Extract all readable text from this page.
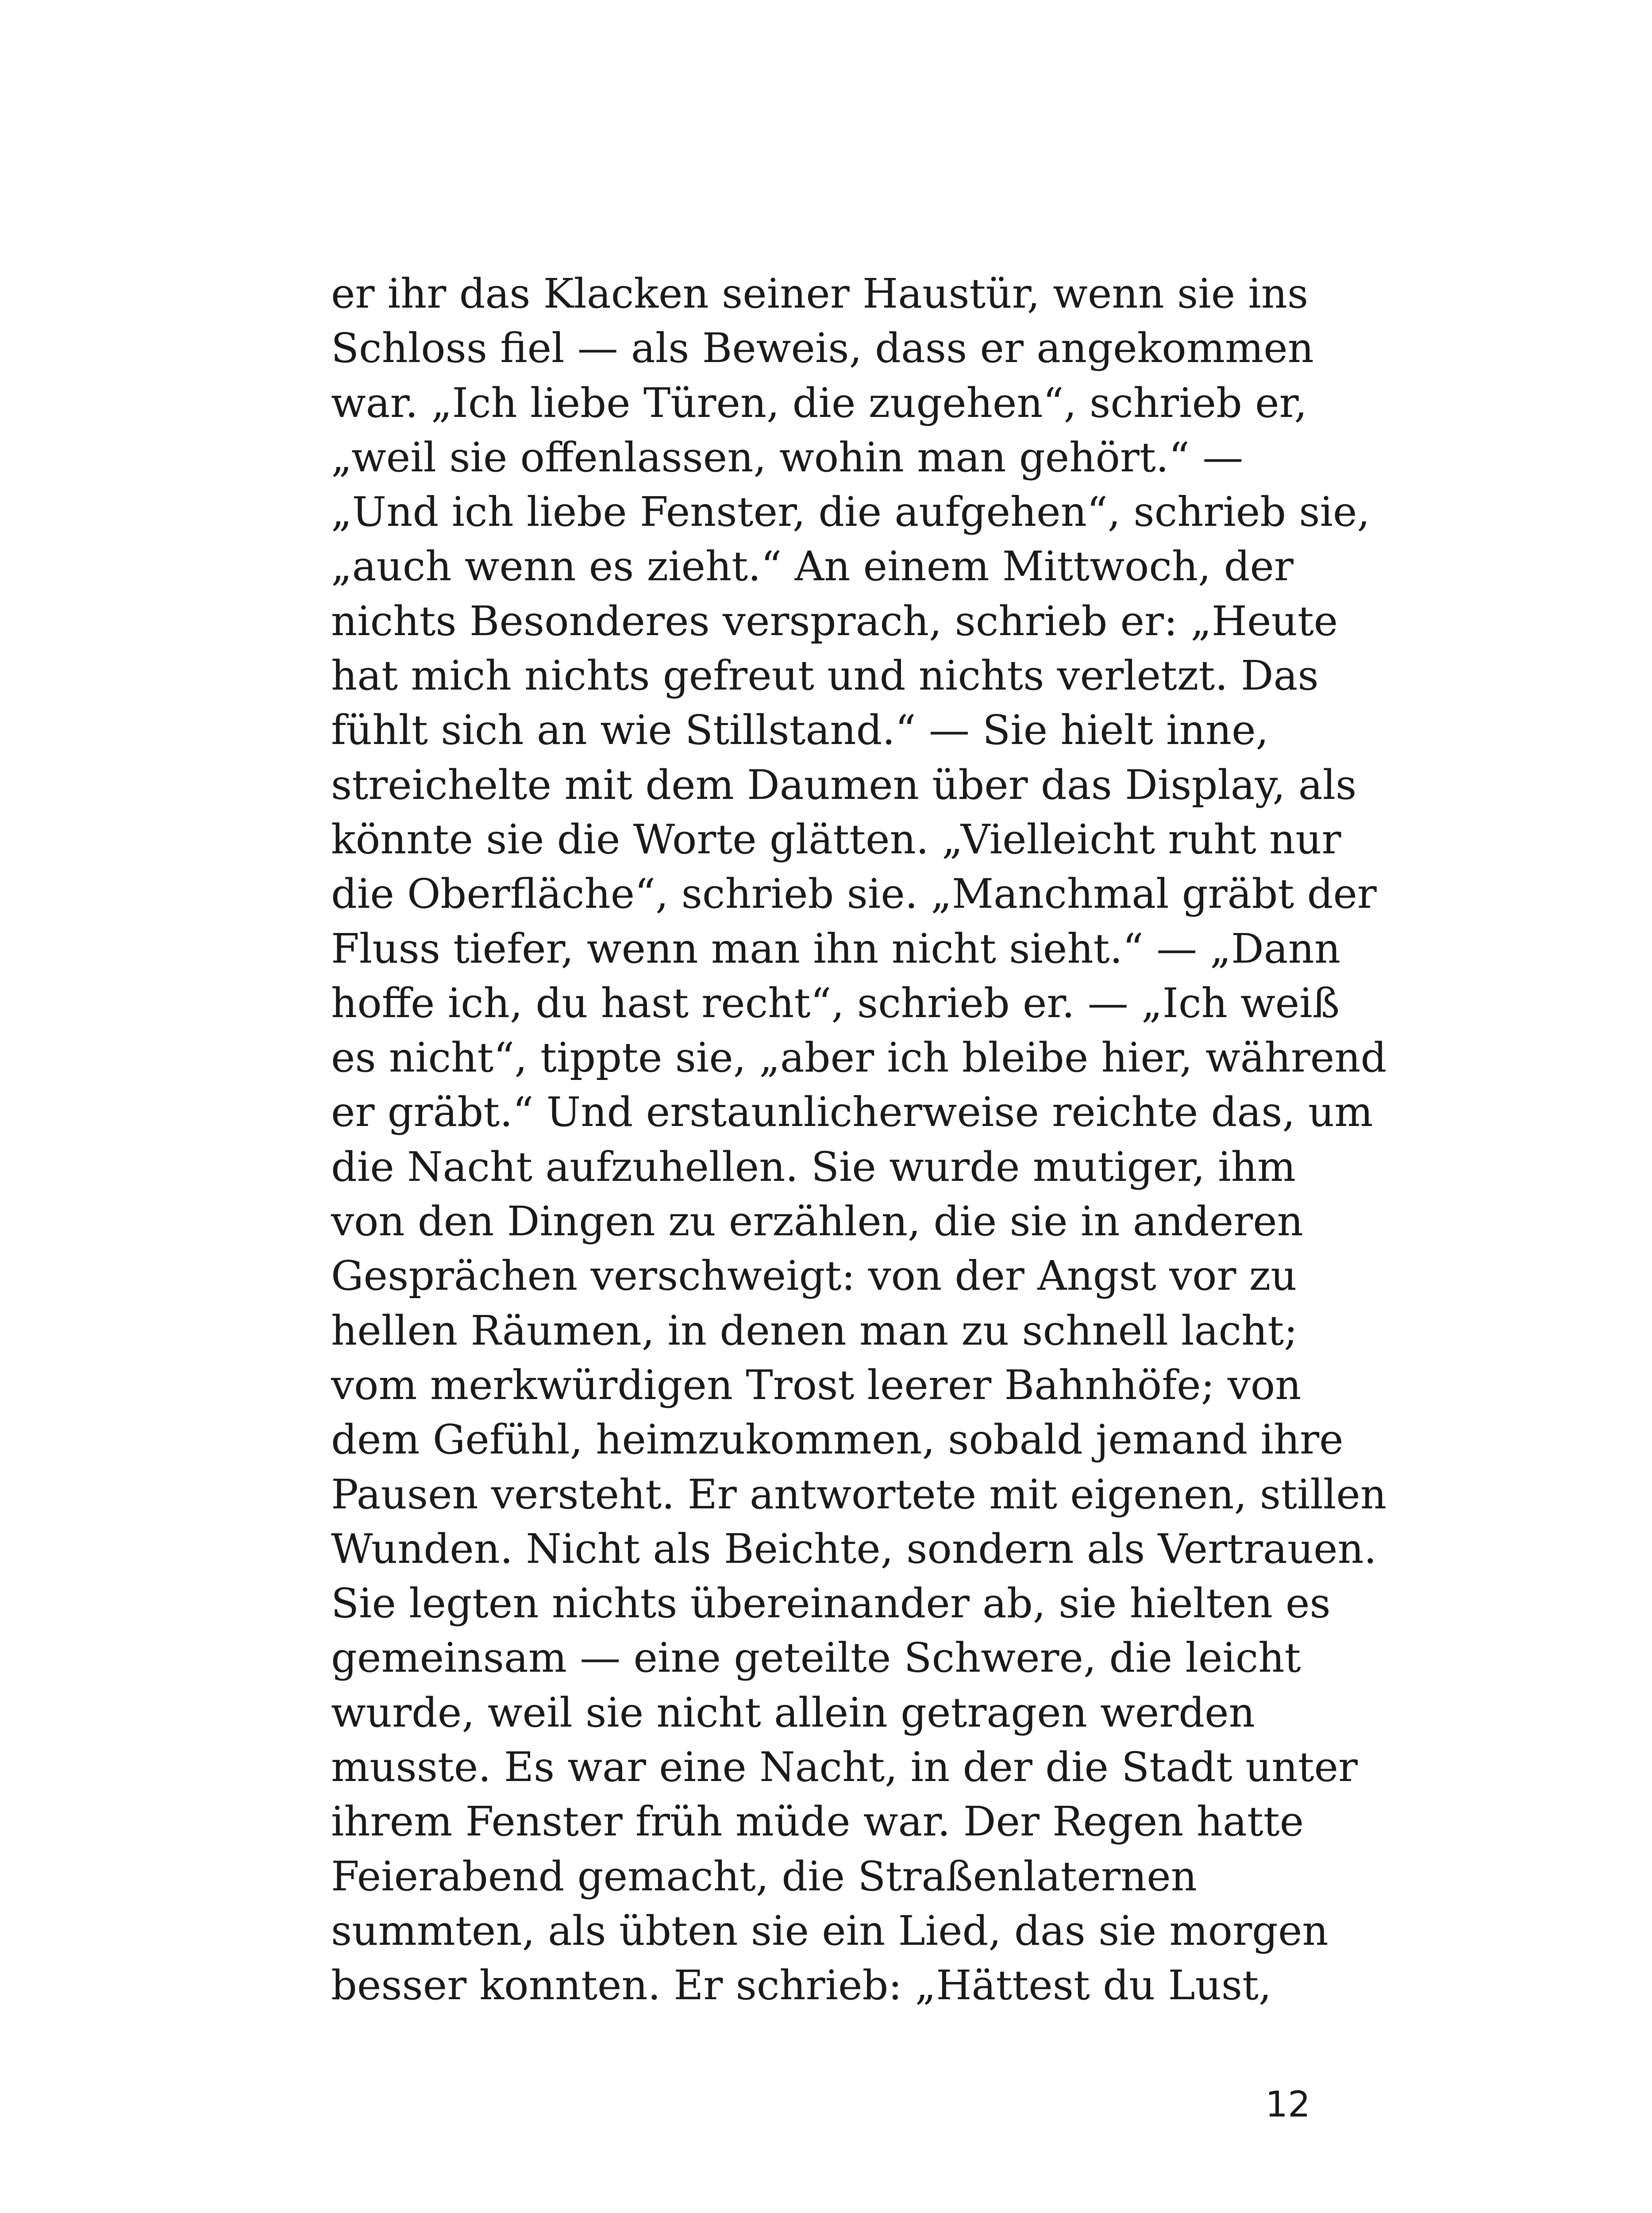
er ihr das Klacken seiner Haustür, wenn sie ins
Schloss fiel — als Beweis, dass er angekommen
war. „Ich liebe Türen, die zugehen“, schrieb er,
„weil sie offenlassen, wohin man gehört.“ —
„Und ich liebe Fenster, die aufgehen“, schrieb sie,
„auch wenn es zieht.“ An einem Mittwoch, der
nichts Besonderes versprach, schrieb er: „Heute
hat mich nichts gefreut und nichts verletzt. Das
fühlt sich an wie Stillstand.“ — Sie hielt inne,
streichelte mit dem Daumen über das Display, als
könnte sie die Worte glätten. „Vielleicht ruht nur
die Oberfläche“, schrieb sie. „Manchmal gräbt der
Fluss tiefer, wenn man ihn nicht sieht.“ — „Dann
hoffe ich, du hast recht“, schrieb er. — „Ich weiß
es nicht“, tippte sie, „aber ich bleibe hier, während
er gräbt.“ Und erstaunlicherweise reichte das, um
die Nacht aufzuhellen. Sie wurde mutiger, ihm
von den Dingen zu erzählen, die sie in anderen
Gesprächen verschweigt: von der Angst vor zu
hellen Räumen, in denen man zu schnell lacht;
vom merkwürdigen Trost leerer Bahnhöfe; von
dem Gefühl, heimzukommen, sobald jemand ihre
Pausen versteht. Er antwortete mit eigenen, stillen
Wunden. Nicht als Beichte, sondern als Vertrauen.
Sie legten nichts übereinander ab, sie hielten es
gemeinsam — eine geteilte Schwere, die leicht
wurde, weil sie nicht allein getragen werden
musste. Es war eine Nacht, in der die Stadt unter
ihrem Fenster früh müde war. Der Regen hatte
Feierabend gemacht, die Straßenlaternen
summten, als übten sie ein Lied, das sie morgen
besser konnten. Er schrieb: „Hättest du Lust,
12
